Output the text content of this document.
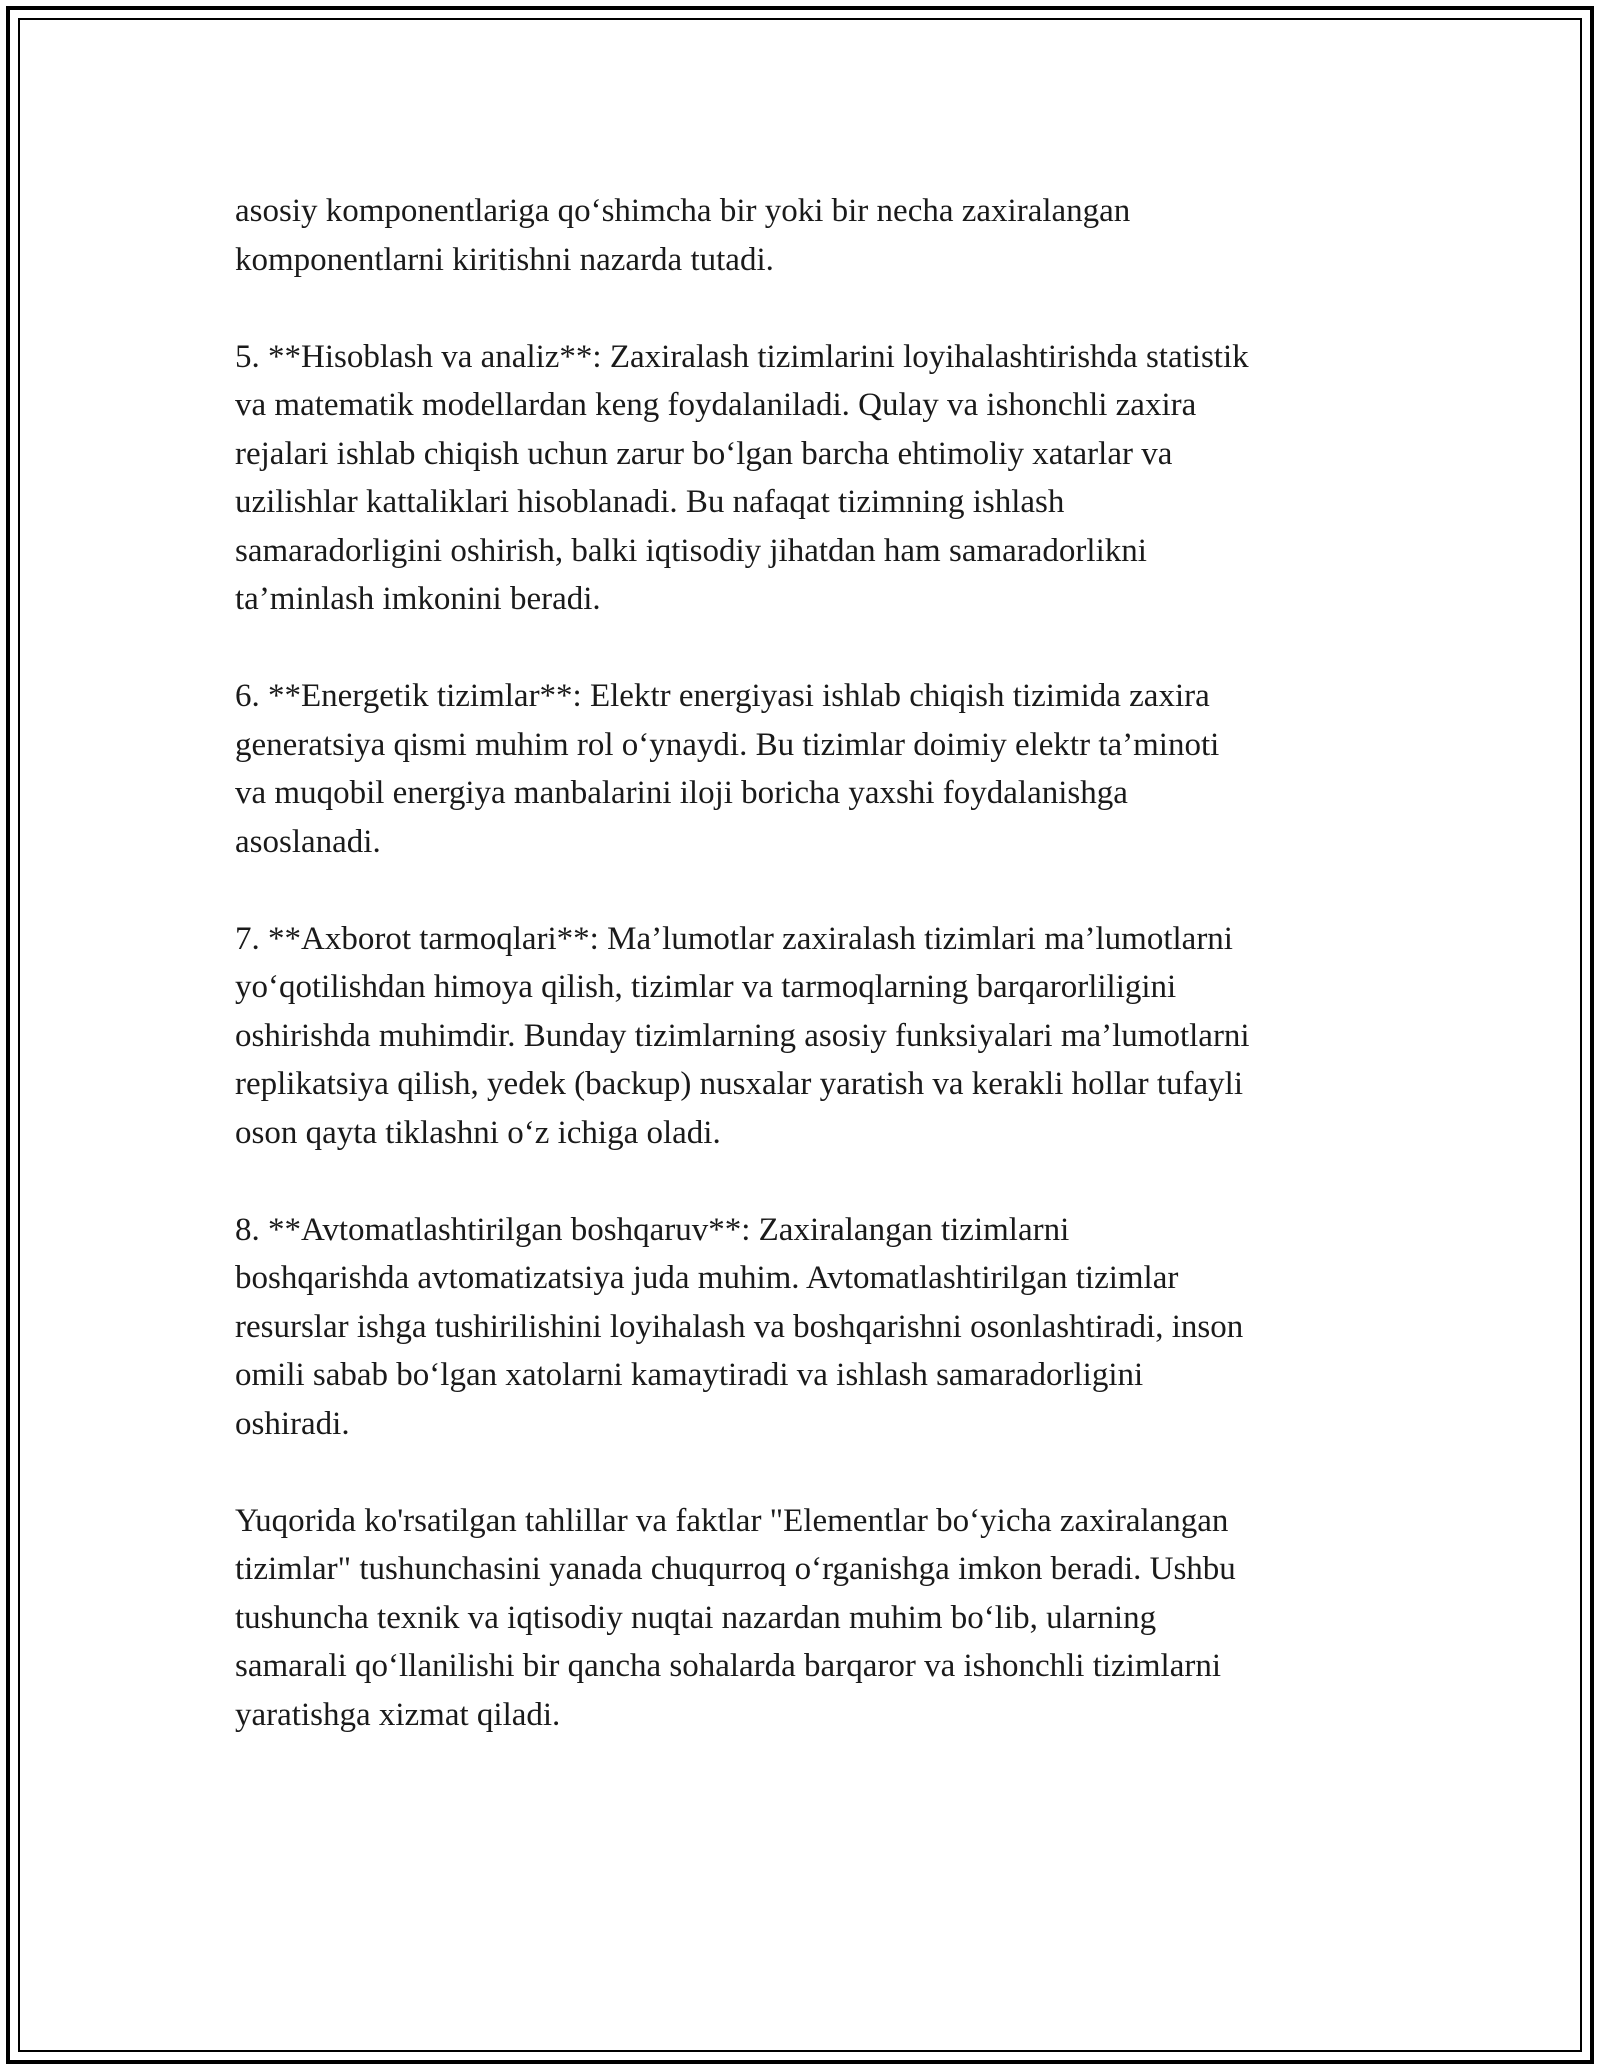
asosiy komponentlariga qo‘shimcha bir yoki bir necha zaxiralangan
komponentlarni kiritishni nazarda tutadi.

5. **Hisoblash va analiz**: Zaxiralash tizimlarini loyihalashtirishda statistik
va matematik modellardan keng foydalaniladi. Qulay va ishonchli zaxira
rejalari ishlab chiqish uchun zarur bo‘lgan barcha ehtimoliy xatarlar va
uzilishlar kattaliklari hisoblanadi. Bu nafaqat tizimning ishlash
samaradorligini oshirish, balki iqtisodiy jihatdan ham samaradorlikni
ta’minlash imkonini beradi.

6. **Energetik tizimlar**: Elektr energiyasi ishlab chiqish tizimida zaxira
generatsiya qismi muhim rol o‘ynaydi. Bu tizimlar doimiy elektr ta’minoti
va muqobil energiya manbalarini iloji boricha yaxshi foydalanishga
asoslanadi.

7. **Axborot tarmoqlari**: Ma’lumotlar zaxiralash tizimlari ma’lumotlarni
yo‘qotilishdan himoya qilish, tizimlar va tarmoqlarning barqarorliligini
oshirishda muhimdir. Bunday tizimlarning asosiy funksiyalari ma’lumotlarni
replikatsiya qilish, yedek (backup) nusxalar yaratish va kerakli hollar tufayli
oson qayta tiklashni o‘z ichiga oladi.

8. **Avtomatlashtirilgan boshqaruv**: Zaxiralangan tizimlarni
boshqarishda avtomatizatsiya juda muhim. Avtomatlashtirilgan tizimlar
resurslar ishga tushirilishini loyihalash va boshqarishni osonlashtiradi, inson
omili sabab bo‘lgan xatolarni kamaytiradi va ishlash samaradorligini
oshiradi.

Yuqorida ko'rsatilgan tahlillar va faktlar "Elementlar bo‘yicha zaxiralangan
tizimlar" tushunchasini yanada chuqurroq o‘rganishga imkon beradi. Ushbu
tushuncha texnik va iqtisodiy nuqtai nazardan muhim bo‘lib, ularning
samarali qo‘llanilishi bir qancha sohalarda barqaror va ishonchli tizimlarni
yaratishga xizmat qiladi.
